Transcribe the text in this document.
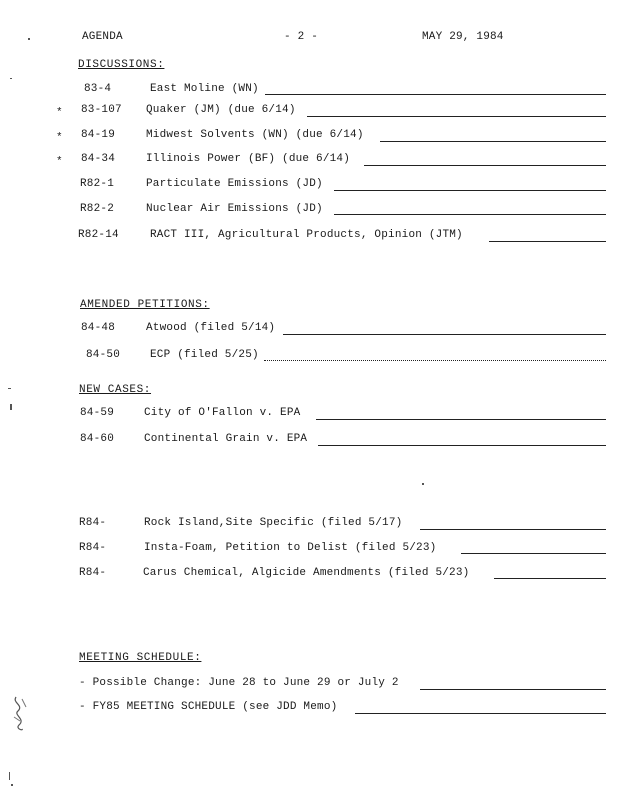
AGENDA	- 2 -	MAY 29, 1984
DISCUSSIONS:
83-4	East Moline (WN)
* 83-107 Quaker (JM) (due 6/14)
* 84-19	Midwest Solvents (WN) (due 6/14)
* 84-34	Illinois Power (BF) (due 6/14)
R82-1	Particulate Emissions (JD)
R82-2	Nuclear Air Emissions (JD)
R82-14	RACT III, Agricultural Products, Opinion (JTM)
AMENDED PETITIONS:
84-48	Atwood (filed 5/14)
84-50	ECP (filed 5/25)
NEW CASES:
84-59	City of O'Fallon v. EPA
84-60	Continental Grain v. EPA
R84-	Rock Island,Site Specific (filed 5/17)
R84-	Insta-Foam, Petition to Delist (filed 5/23)
R84-	Carus Chemical, Algicide Amendments (filed 5/23)
MEETING SCHEDULE:
- Possible Change: June 28 to June 29 or July 2
- FY85 MEETING SCHEDULE (see JDD Memo)
